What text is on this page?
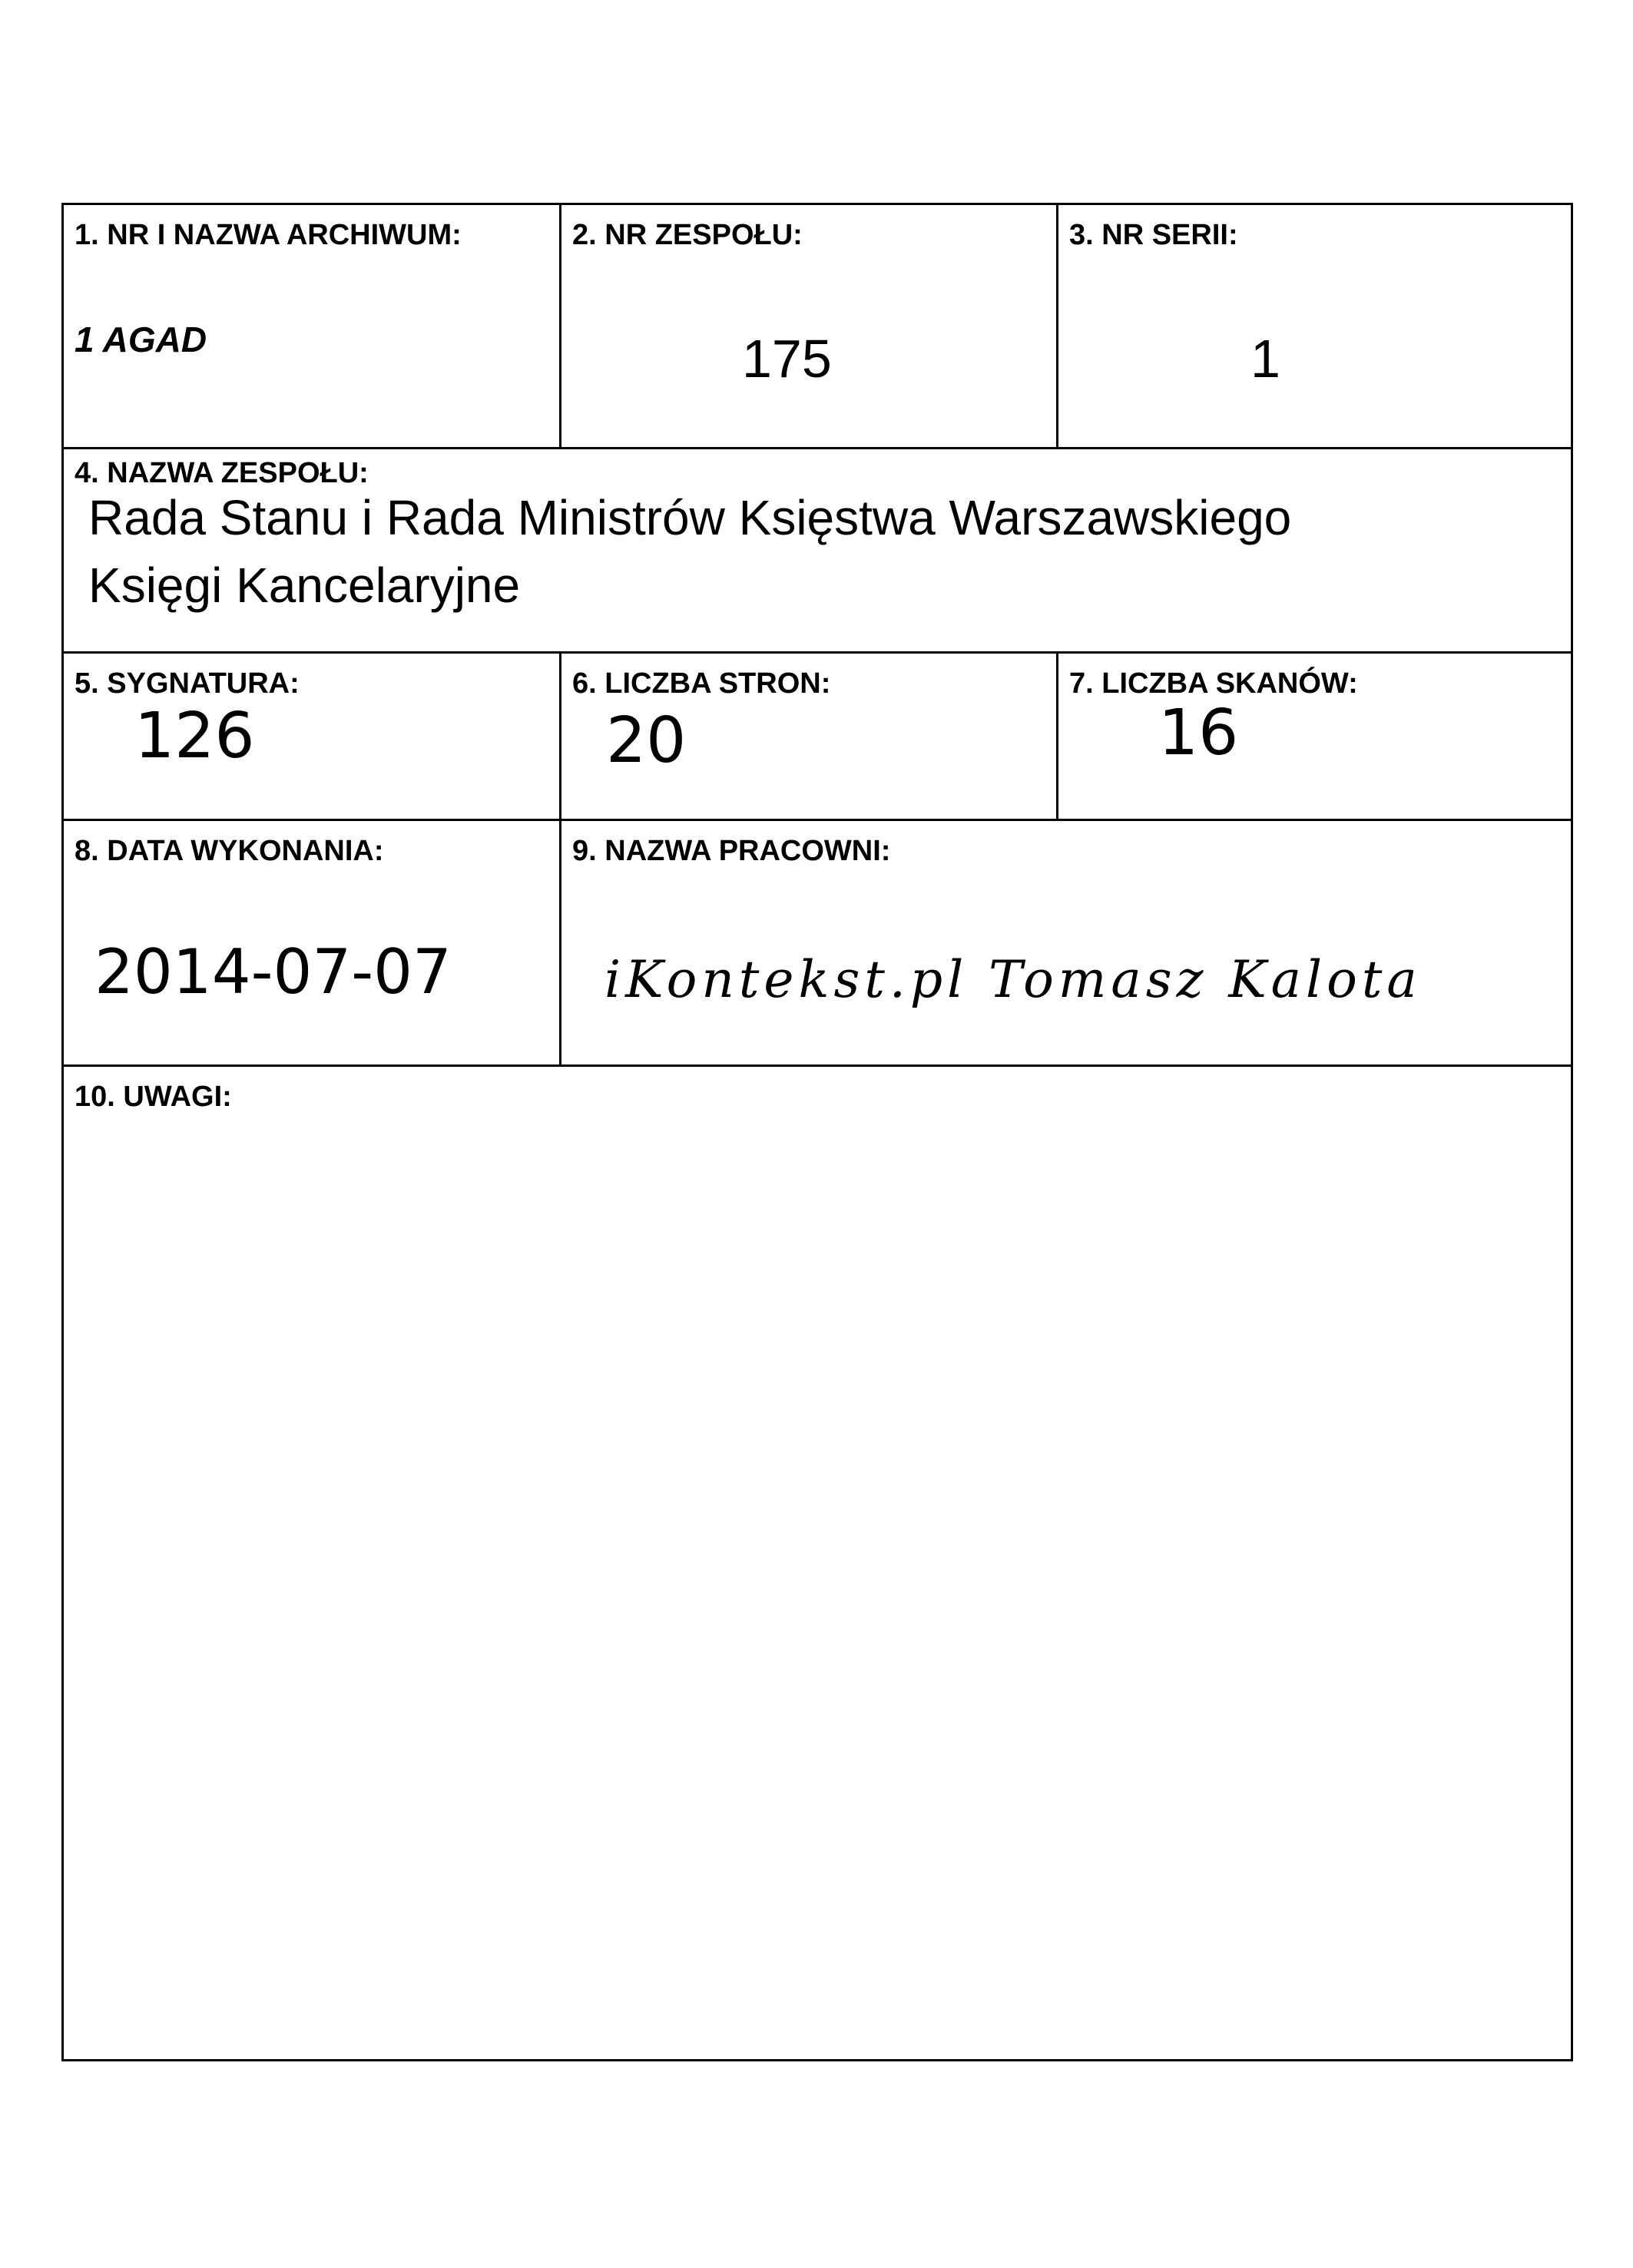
1. NR I NAZWA ARCHIWUM:
1 AGAD
2. NR ZESPOŁU:
175
3. NR SERII:
1
4. NAZWA ZESPOŁU:
Rada Stanu i Rada Ministrów Księstwa Warszawskiego
Księgi Kancelaryjne
5. SYGNATURA:
126
6. LICZBA STRON:
20
7. LICZBA SKANÓW:
16
8. DATA WYKONANIA:
2014-07-07
9. NAZWA PRACOWNI:
iKontekst.pl Tomasz Kalota
10. UWAGI:
